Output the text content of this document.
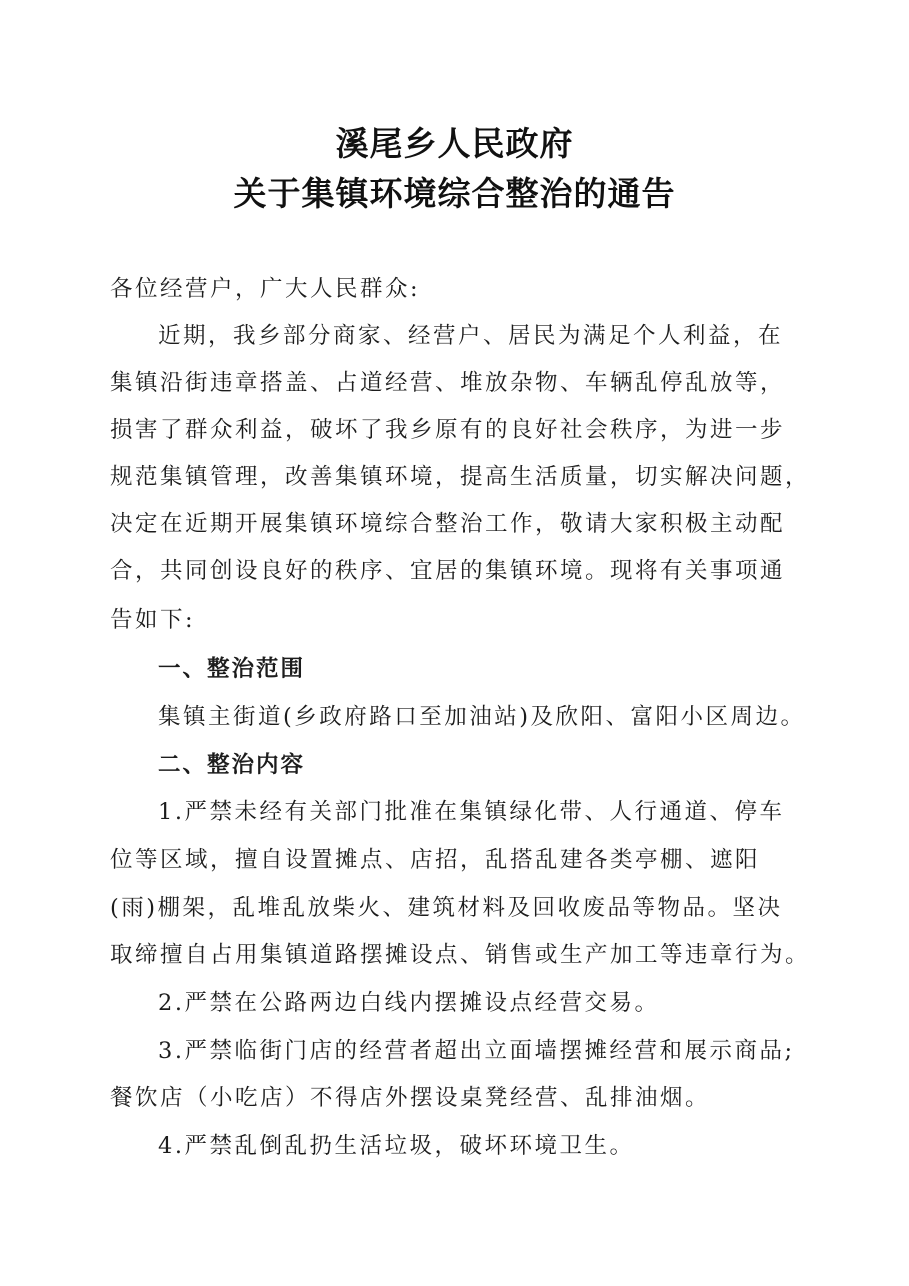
溪尾乡人民政府
关于集镇环境综合整治的通告
各位经营户，广大人民群众:
近期，我乡部分商家、经营户、居民为满足个人利益，在
集镇沿街违章搭盖、占道经营、堆放杂物、车辆乱停乱放等，
损害了群众利益，破坏了我乡原有的良好社会秩序，为进一步
规范集镇管理，改善集镇环境，提高生活质量，切实解决问题，
决定在近期开展集镇环境综合整治工作，敬请大家积极主动配
合，共同创设良好的秩序、宜居的集镇环境。现将有关事项通
告如下:
一、整治范围
集镇主街道(乡政府路口至加油站)及欣阳、富阳小区周边。
二、整治内容
1.严禁未经有关部门批准在集镇绿化带、人行通道、停车
位等区域，擅自设置摊点、店招，乱搭乱建各类亭棚、遮阳
(雨)棚架，乱堆乱放柴火、建筑材料及回收废品等物品。坚决
取缔擅自占用集镇道路摆摊设点、销售或生产加工等违章行为。
2.严禁在公路两边白线内摆摊设点经营交易。
3.严禁临街门店的经营者超出立面墙摆摊经营和展示商品;
餐饮店（小吃店）不得店外摆设桌凳经营、乱排油烟。
4.严禁乱倒乱扔生活垃圾，破坏环境卫生。
